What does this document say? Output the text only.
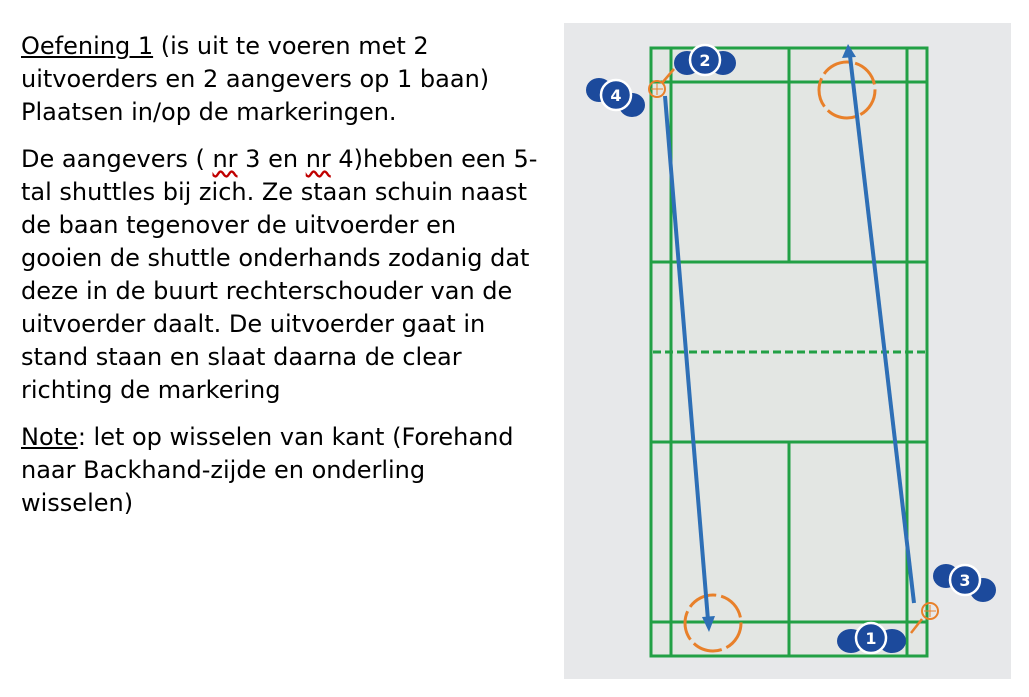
Oefening 1 (is uit te voeren met 2 uitvoerders en 2 aangevers op 1 baan) Plaatsen in/op de markeringen.

De aangevers ( nr 3 en nr 4)hebben een 5-tal shuttles bij zich. Ze staan schuin naast de baan tegenover de uitvoerder en gooien de shuttle onderhands zodanig dat deze in de buurt rechterschouder van de uitvoerder daalt. De uitvoerder gaat in stand staan en slaat daarna de clear richting de markering

Note: let op wisselen van kant (Forehand naar Backhand-zijde en onderling wisselen)

2
4
3
1
